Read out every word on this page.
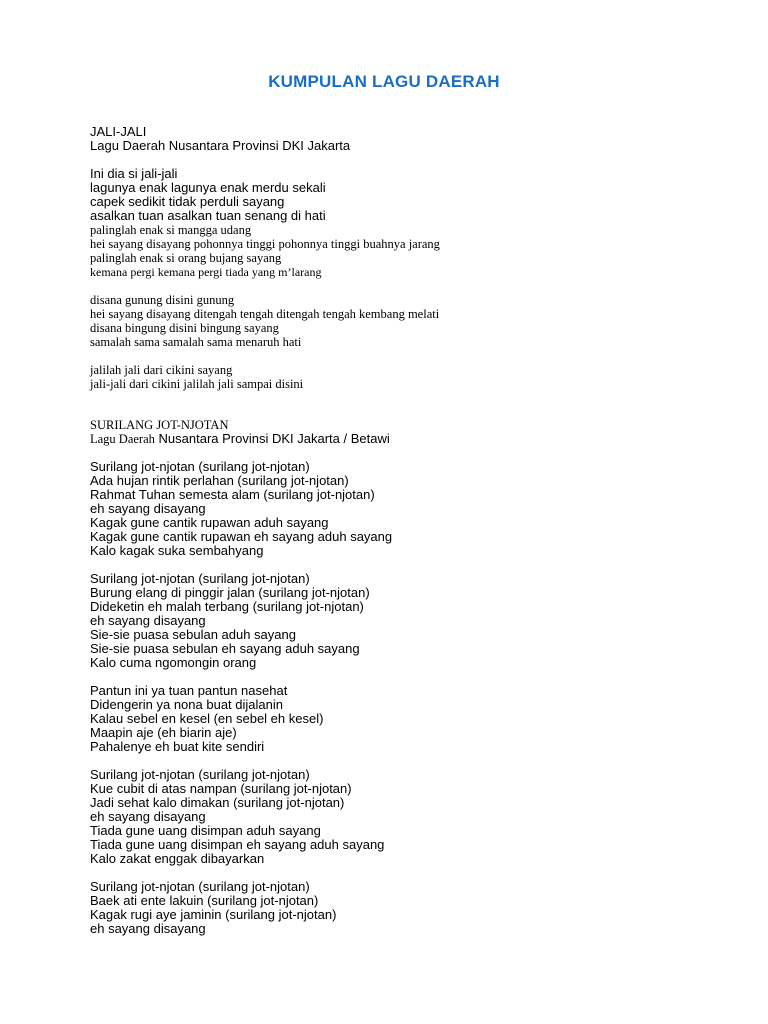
KUMPULAN LAGU DAERAH
JALI-JALI
Lagu Daerah Nusantara Provinsi DKI Jakarta
Ini dia si jali-jali
lagunya enak lagunya enak merdu sekali
capek sedikit tidak perduli sayang
asalkan tuan asalkan tuan senang di hati
palinglah enak si mangga udang
hei sayang disayang pohonnya tinggi pohonnya tinggi buahnya jarang
palinglah enak si orang bujang sayang
kemana pergi kemana pergi tiada yang m’larang
disana gunung disini gunung
hei sayang disayang ditengah tengah ditengah tengah kembang melati
disana bingung disini bingung sayang
samalah sama samalah sama menaruh hati
jalilah jali dari cikini sayang
jali-jali dari cikini jalilah jali sampai disini
SURILANG JOT-NJOTAN
Lagu Daerah Nusantara Provinsi DKI Jakarta / Betawi
Surilang jot-njotan (surilang jot-njotan)
Ada hujan rintik perlahan (surilang jot-njotan)
Rahmat Tuhan semesta alam (surilang jot-njotan)
eh sayang disayang
Kagak gune cantik rupawan aduh sayang
Kagak gune cantik rupawan eh sayang aduh sayang
Kalo kagak suka sembahyang
Surilang jot-njotan (surilang jot-njotan)
Burung elang di pinggir jalan (surilang jot-njotan)
Dideketin eh malah terbang (surilang jot-njotan)
eh sayang disayang
Sie-sie puasa sebulan aduh sayang
Sie-sie puasa sebulan eh sayang aduh sayang
Kalo cuma ngomongin orang
Pantun ini ya tuan pantun nasehat
Didengerin ya nona buat dijalanin
Kalau sebel en kesel (en sebel eh kesel)
Maapin aje (eh biarin aje)
Pahalenye eh buat kite sendiri
Surilang jot-njotan (surilang jot-njotan)
Kue cubit di atas nampan (surilang jot-njotan)
Jadi sehat kalo dimakan (surilang jot-njotan)
eh sayang disayang
Tiada gune uang disimpan aduh sayang
Tiada gune uang disimpan eh sayang aduh sayang
Kalo zakat enggak dibayarkan
Surilang jot-njotan (surilang jot-njotan)
Baek ati ente lakuin (surilang jot-njotan)
Kagak rugi aye jaminin (surilang jot-njotan)
eh sayang disayang
